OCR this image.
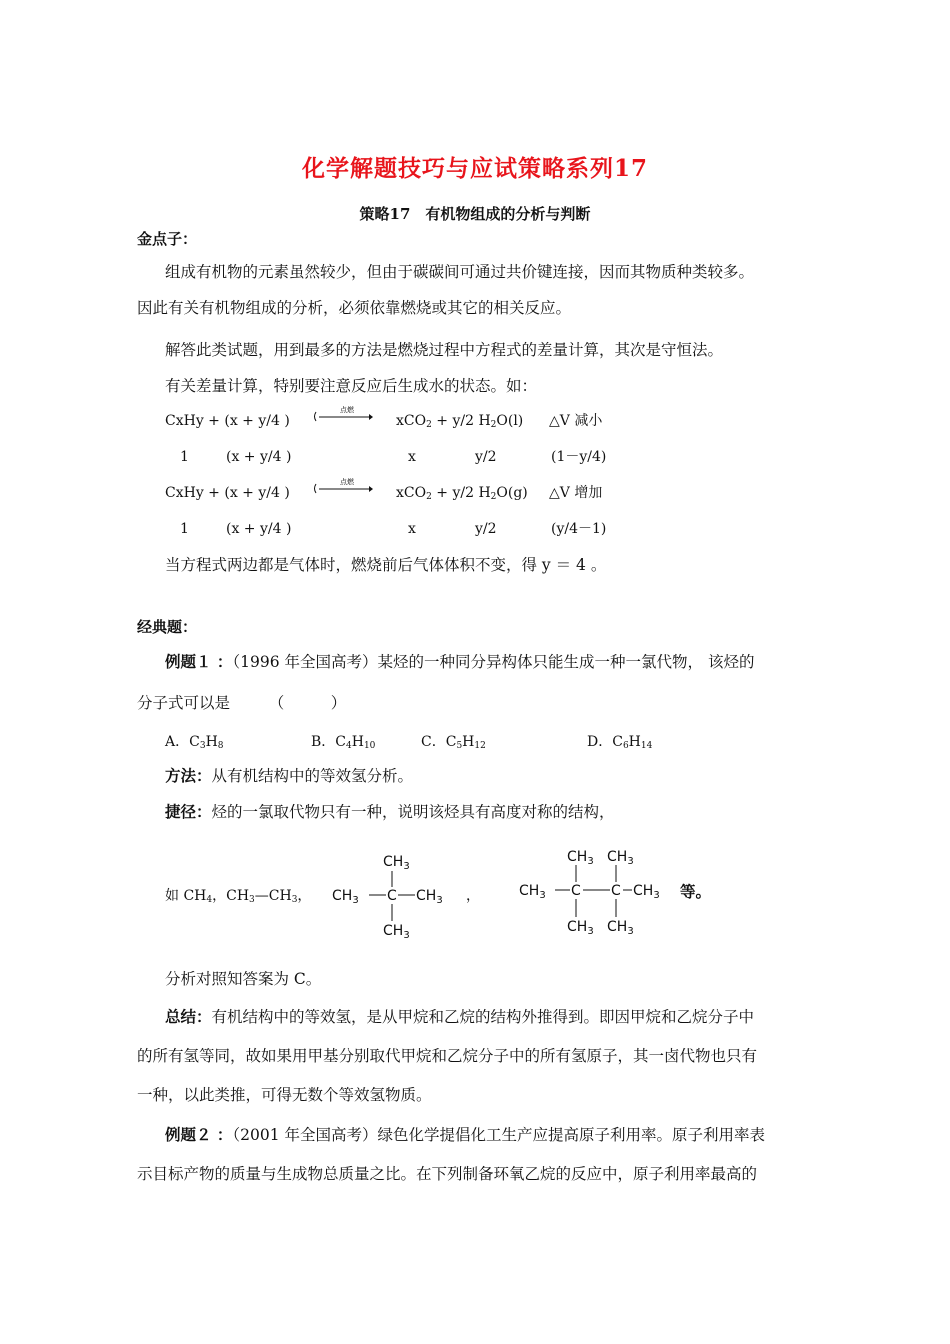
化学解题技巧与应试策略系列17
策略17　有机物组成的分析与判断
金点子：
组成有机物的元素虽然较少，但由于碳碳间可通过共价键连接，因而其物质种类较多。
因此有关有机物组成的分析，必须依靠燃烧或其它的相关反应。
解答此类试题，用到最多的方法是燃烧过程中方程式的差量计算，其次是守恒法。
有关差量计算，特别要注意反应后生成水的状态。如：
CxHy + (x + y/4 )
点燃
xCO$_2$ + y/2 $H_2O(l)$ △V 减小
1	(x + y/4 )	x	y/2	(1－y/4)
CxHy + (x + y/4 )
点燃
xCO$_2$ + y/2 $H_2O(g)$ △V 增加
1	(x + y/4 )	x	y/2	(y/4－1)
当方程式两边都是气体时，燃烧前后气体体积不变，得 y ＝ 4 。
经典题：
例题１ ：（1996 年全国高考）某烃的一种同分异构体只能生成一种一氯代物， 该烃的
分子式可以是　　　（　　　）
A．$C_3H_8$	B．$C_4H_{10}$	C．$C_5H_{12}$	D．$C_6H_{14}$
方法：从有机结构中的等效氢分析。
捷径：烃的一氯取代物只有一种，说明该烃具有高度对称的结构，
如 $CH_4$，$CH_3—CH_3$，
$CH_3$
$CH_3$ C $CH_3$
$CH_3$
，
$CH_3$ $CH_3$
$CH_3$ C C $CH_3$
$CH_3$ $CH_3$
等。
分析对照知答案为 C。
总结：有机结构中的等效氢，是从甲烷和乙烷的结构外推得到。即因甲烷和乙烷分子中
的所有氢等同，故如果用甲基分别取代甲烷和乙烷分子中的所有氢原子，其一卤代物也只有
一种，以此类推，可得无数个等效氢物质。
例题２ ：（2001 年全国高考）绿色化学提倡化工生产应提高原子利用率。原子利用率表
示目标产物的质量与生成物总质量之比。在下列制备环氧乙烷的反应中，原子利用率最高的
